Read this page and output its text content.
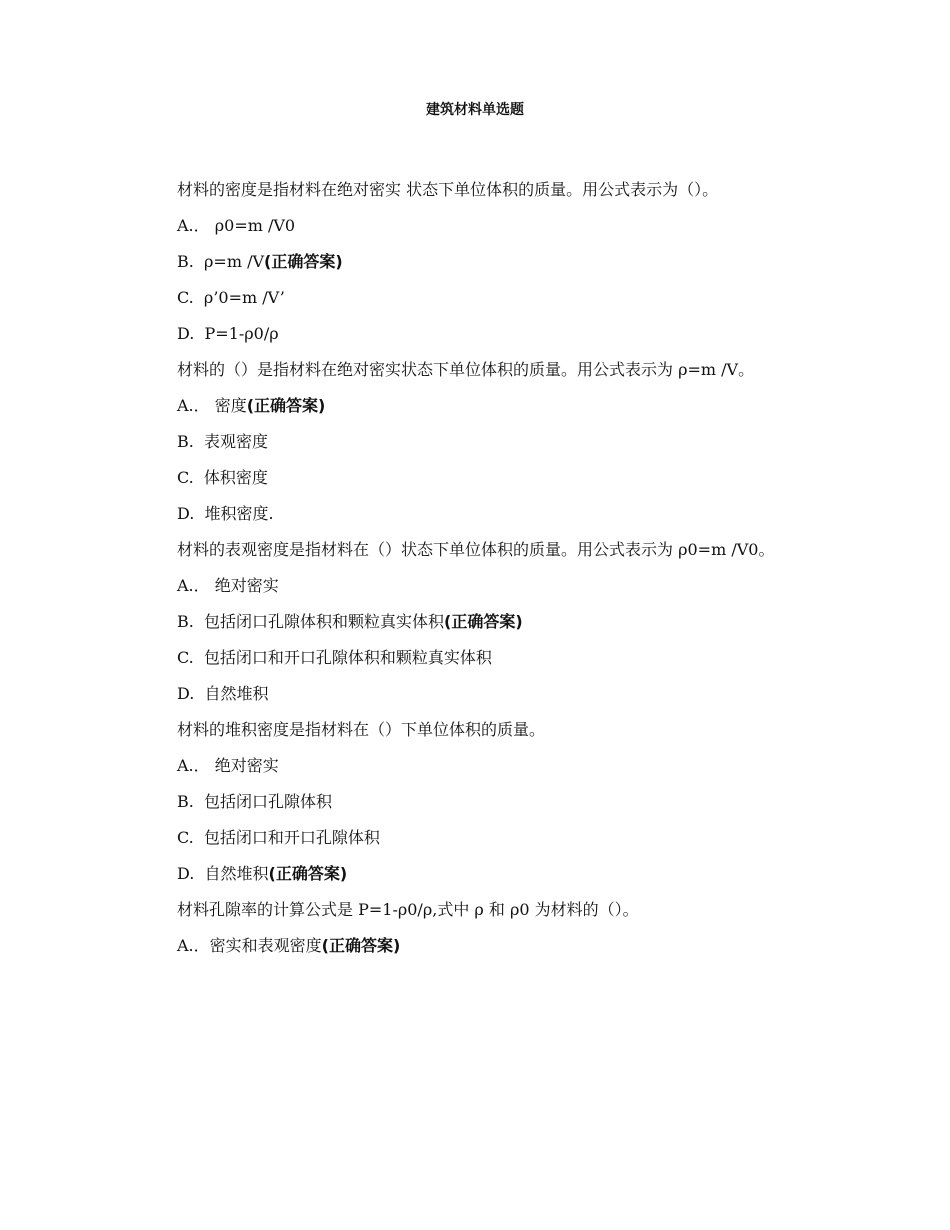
建筑材料单选题

材料的密度是指材料在绝对密实 状态下单位体积的质量。用公式表示为（）。

A.． ρ0=m /V0

B.  ρ=m /V(正确答案)

C.  ρ’0=m /V’

D.  P=1-ρ0/ρ

材料的（）是指材料在绝对密实状态下单位体积的质量。用公式表示为 ρ=m /V。

A.． 密度(正确答案)

B.  表观密度

C.  体积密度

D.  堆积密度.

材料的表观密度是指材料在（）状态下单位体积的质量。用公式表示为 ρ0=m /V0。

A.． 绝对密实

B.  包括闭口孔隙体积和颗粒真实体积(正确答案)

C.  包括闭口和开口孔隙体积和颗粒真实体积

D.  自然堆积

材料的堆积密度是指材料在（）下单位体积的质量。

A.． 绝对密实

B.  包括闭口孔隙体积

C.  包括闭口和开口孔隙体积

D.  自然堆积(正确答案)

材料孔隙率的计算公式是 P=1-ρ0/ρ,式中 ρ 和 ρ0 为材料的（）。

A.．密实和表观密度(正确答案)
